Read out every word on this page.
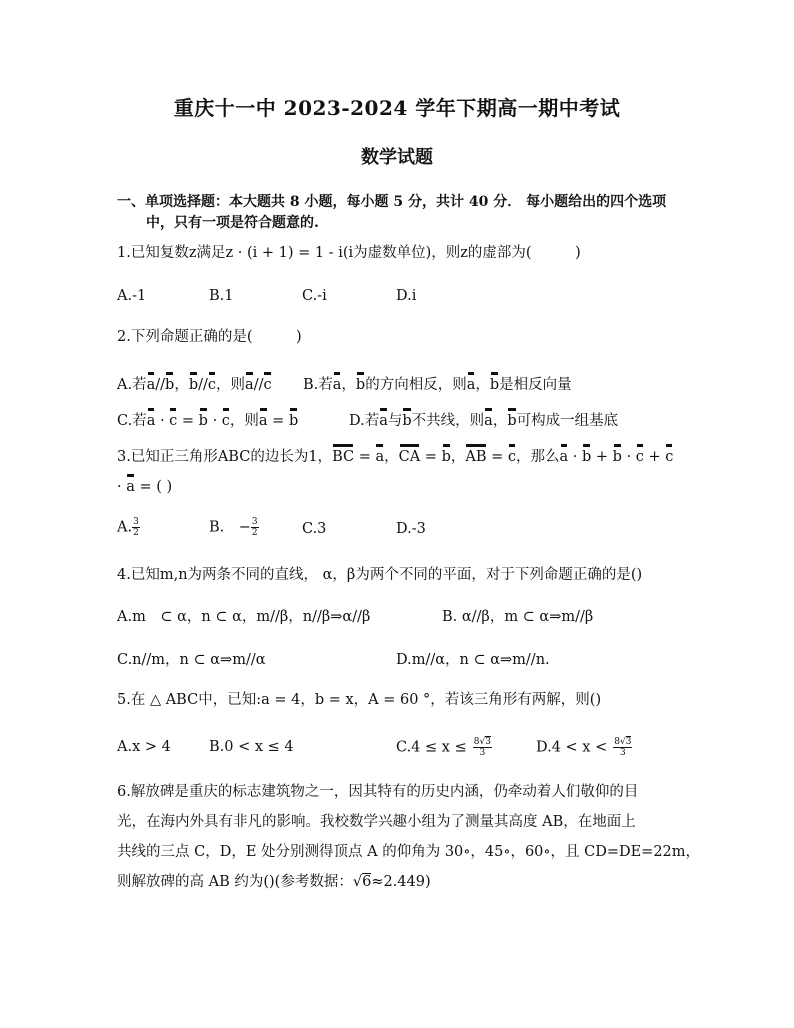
重庆十一中 2023-2024 学年下期高一期中考试
数学试题
一、单项选择题：本大题共 8 小题，每小题 5 分，共计 40 分． 每小题给出的四个选项
中，只有一项是符合题意的.
1.已知复数z满足z · (i + 1) = 1 - i(i为虚数单位)，则z的虚部为(　　　)
A.-1	B.1	C.-i	D.i
2.下列命题正确的是(　　　)
A.若a//b，b//c，则a//c B.若a，b的方向相反，则a，b是相反向量
C.若a · c = b · c，则a = b	D.若a与b不共线，则a，b可构成一组基底
3.已知正三角形ABC的边长为1，BC = a，CA = b，AB = c，那么a · b + b · c + c
· a = ( )
A. $\frac{3}{2}$	B.　− $\frac{3}{2}$	C.3	D.-3
4.已知m,n为两条不同的直线， α，β为两个不同的平面，对于下列命题正确的是()
A.m　⊂ α，n ⊂ α，m//β，n//β⇒α//β	B. α//β，m ⊂ α⇒m//β
C.n//m，n ⊂ α⇒m//α	D.m//α，n ⊂ α⇒m//n.
5.在 △ ABC中，已知:a = 4，b = x，A = 60 °，若该三角形有两解，则()
A.x > 4	B.0 < x ≤ 4	$C.4 \le x \le \frac{8√3}{3}$	$D.4 < x < \frac{8√3}{3}$
6.解放碑是重庆的标志建筑物之一，因其特有的历史内涵，仍牵动着人们敬仰的目
光，在海内外具有非凡的影响。我校数学兴趣小组为了测量其高度 AB，在地面上
共线的三点 C，D，E 处分别测得顶点 A 的仰角为 30∘，45∘，60∘，且 CD=DE=22m，
则解放碑的高 AB 约为()(参考数据：√6≈2.449)
